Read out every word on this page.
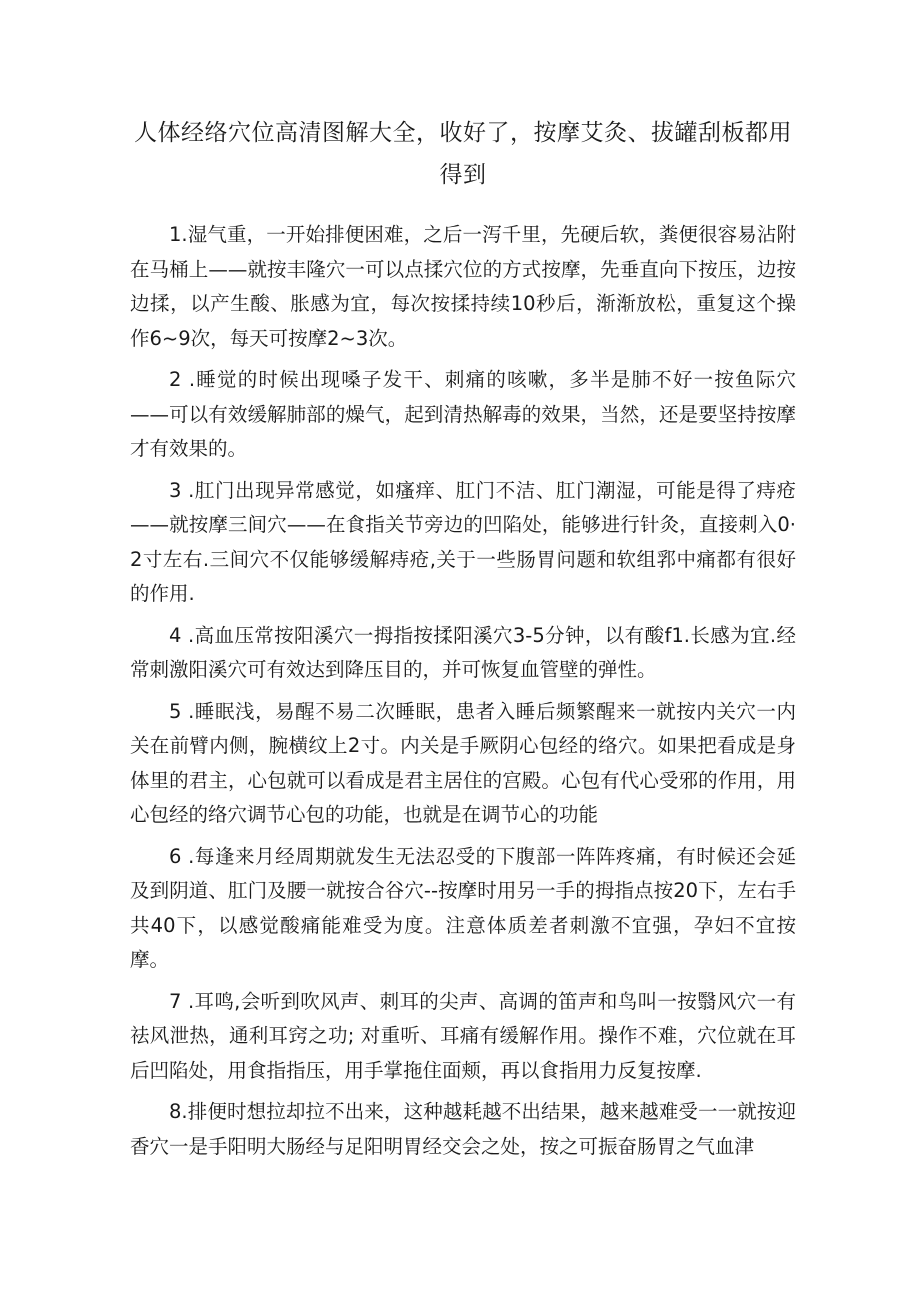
人体经络穴位高清图解大全，收好了，按摩艾灸、拔罐刮板都用得到

1.湿气重，一开始排便困难，之后一泻千里，先硬后软，粪便很容易沾附在马桶上——就按丰隆穴一可以点揉穴位的方式按摩，先垂直向下按压，边按边揉，以产生酸、胀感为宜，每次按揉持续10秒后，渐渐放松，重复这个操作6~9次，每天可按摩2~3次。

2 .睡觉的时候出现嗓子发干、刺痛的咳嗽，多半是肺不好一按鱼际穴——可以有效缓解肺部的燥气，起到清热解毒的效果，当然，还是要坚持按摩才有效果的。

3 .肛门出现异常感觉，如瘙痒、肛门不洁、肛门潮湿，可能是得了痔疮——就按摩三间穴——在食指关节旁边的凹陷处，能够进行针灸，直接刺入0·2寸左右.三间穴不仅能够缓解痔疮,关于一些肠胃问题和软组郛中痛都有很好的作用.

4 .高血压常按阳溪穴一拇指按揉阳溪穴3-5分钟，以有酸f1.长感为宜.经常刺激阳溪穴可有效达到降压目的，并可恢复血管壁的弹性。

5 .睡眠浅，易醒不易二次睡眠，患者入睡后频繁醒来一就按内关穴一内关在前臂内侧，腕横纹上2寸。内关是手厥阴心包经的络穴。如果把看成是身体里的君主，心包就可以看成是君主居住的宫殿。心包有代心受邪的作用，用心包经的络穴调节心包的功能，也就是在调节心的功能

6 .每逢来月经周期就发生无法忍受的下腹部一阵阵疼痛，有时候还会延及到阴道、肛门及腰一就按合谷穴--按摩时用另一手的拇指点按20下，左右手共40下，以感觉酸痛能难受为度。注意体质差者刺激不宜强，孕妇不宜按摩。

7 .耳鸣,会听到吹风声、刺耳的尖声、高调的笛声和鸟叫一按翳风穴一有祛风泄热，通利耳窍之功; 对重听、耳痛有缓解作用。操作不难，穴位就在耳后凹陷处，用食指指压，用手掌拖住面颊，再以食指用力反复按摩.

8.排便时想拉却拉不出来，这种越耗越不出结果，越来越难受一一就按迎香穴一是手阳明大肠经与足阳明胃经交会之处，按之可振奋肠胃之气血津
